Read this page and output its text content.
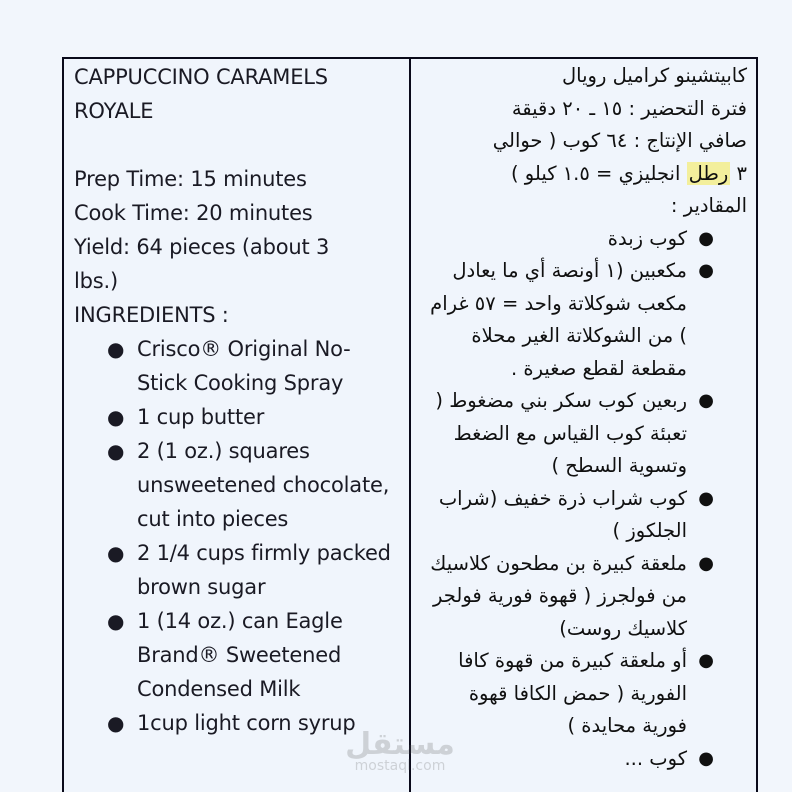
CAPPUCCINO CARAMELS
ROYALE
Prep Time: 15 minutes
Cook Time: 20 minutes
Yield: 64 pieces (about 3
lbs.)
INGREDIENTS :
● Crisco® Original No-Stick Cooking Spray
● 1 cup butter
● 2 (1 oz.) squares unsweetened chocolate, cut into pieces
● 2 1/4 cups firmly packed brown sugar
● 1 (14 oz.) can Eagle Brand® Sweetened Condensed Milk
● 1cup light corn syrup
كابيتشينو كراميل رويال
فترة التحضير : ١٥ ـ ٢٠ دقيقة
صافي الإنتاج : ٦٤ كوب ( حوالي
٣ رطل انجليزي = ١.٥ كيلو )
المقادير :
●
كوب زبدة
●
مكعبين (١ أونصة أي ما يعادل مكعب شوكلاتة واحد = ٥٧ غرام ) من الشوكلاتة الغير محلاة مقطعة لقطع صغيرة .
●
ربعين كوب سكر بني مضغوط ( تعبئة كوب القياس مع الضغط وتسوية السطح )
●
كوب شراب ذرة خفيف (شراب الجلكوز )
●
ملعقة كبيرة بن مطحون كلاسيك من فولجرز ( قهوة فورية فولجر كلاسيك روست)
●
أو ملعقة كبيرة من قهوة كافا الفورية ( حمض الكافا قهوة فورية محايدة )
●
كوب ...
مستقل
mostaql.com
